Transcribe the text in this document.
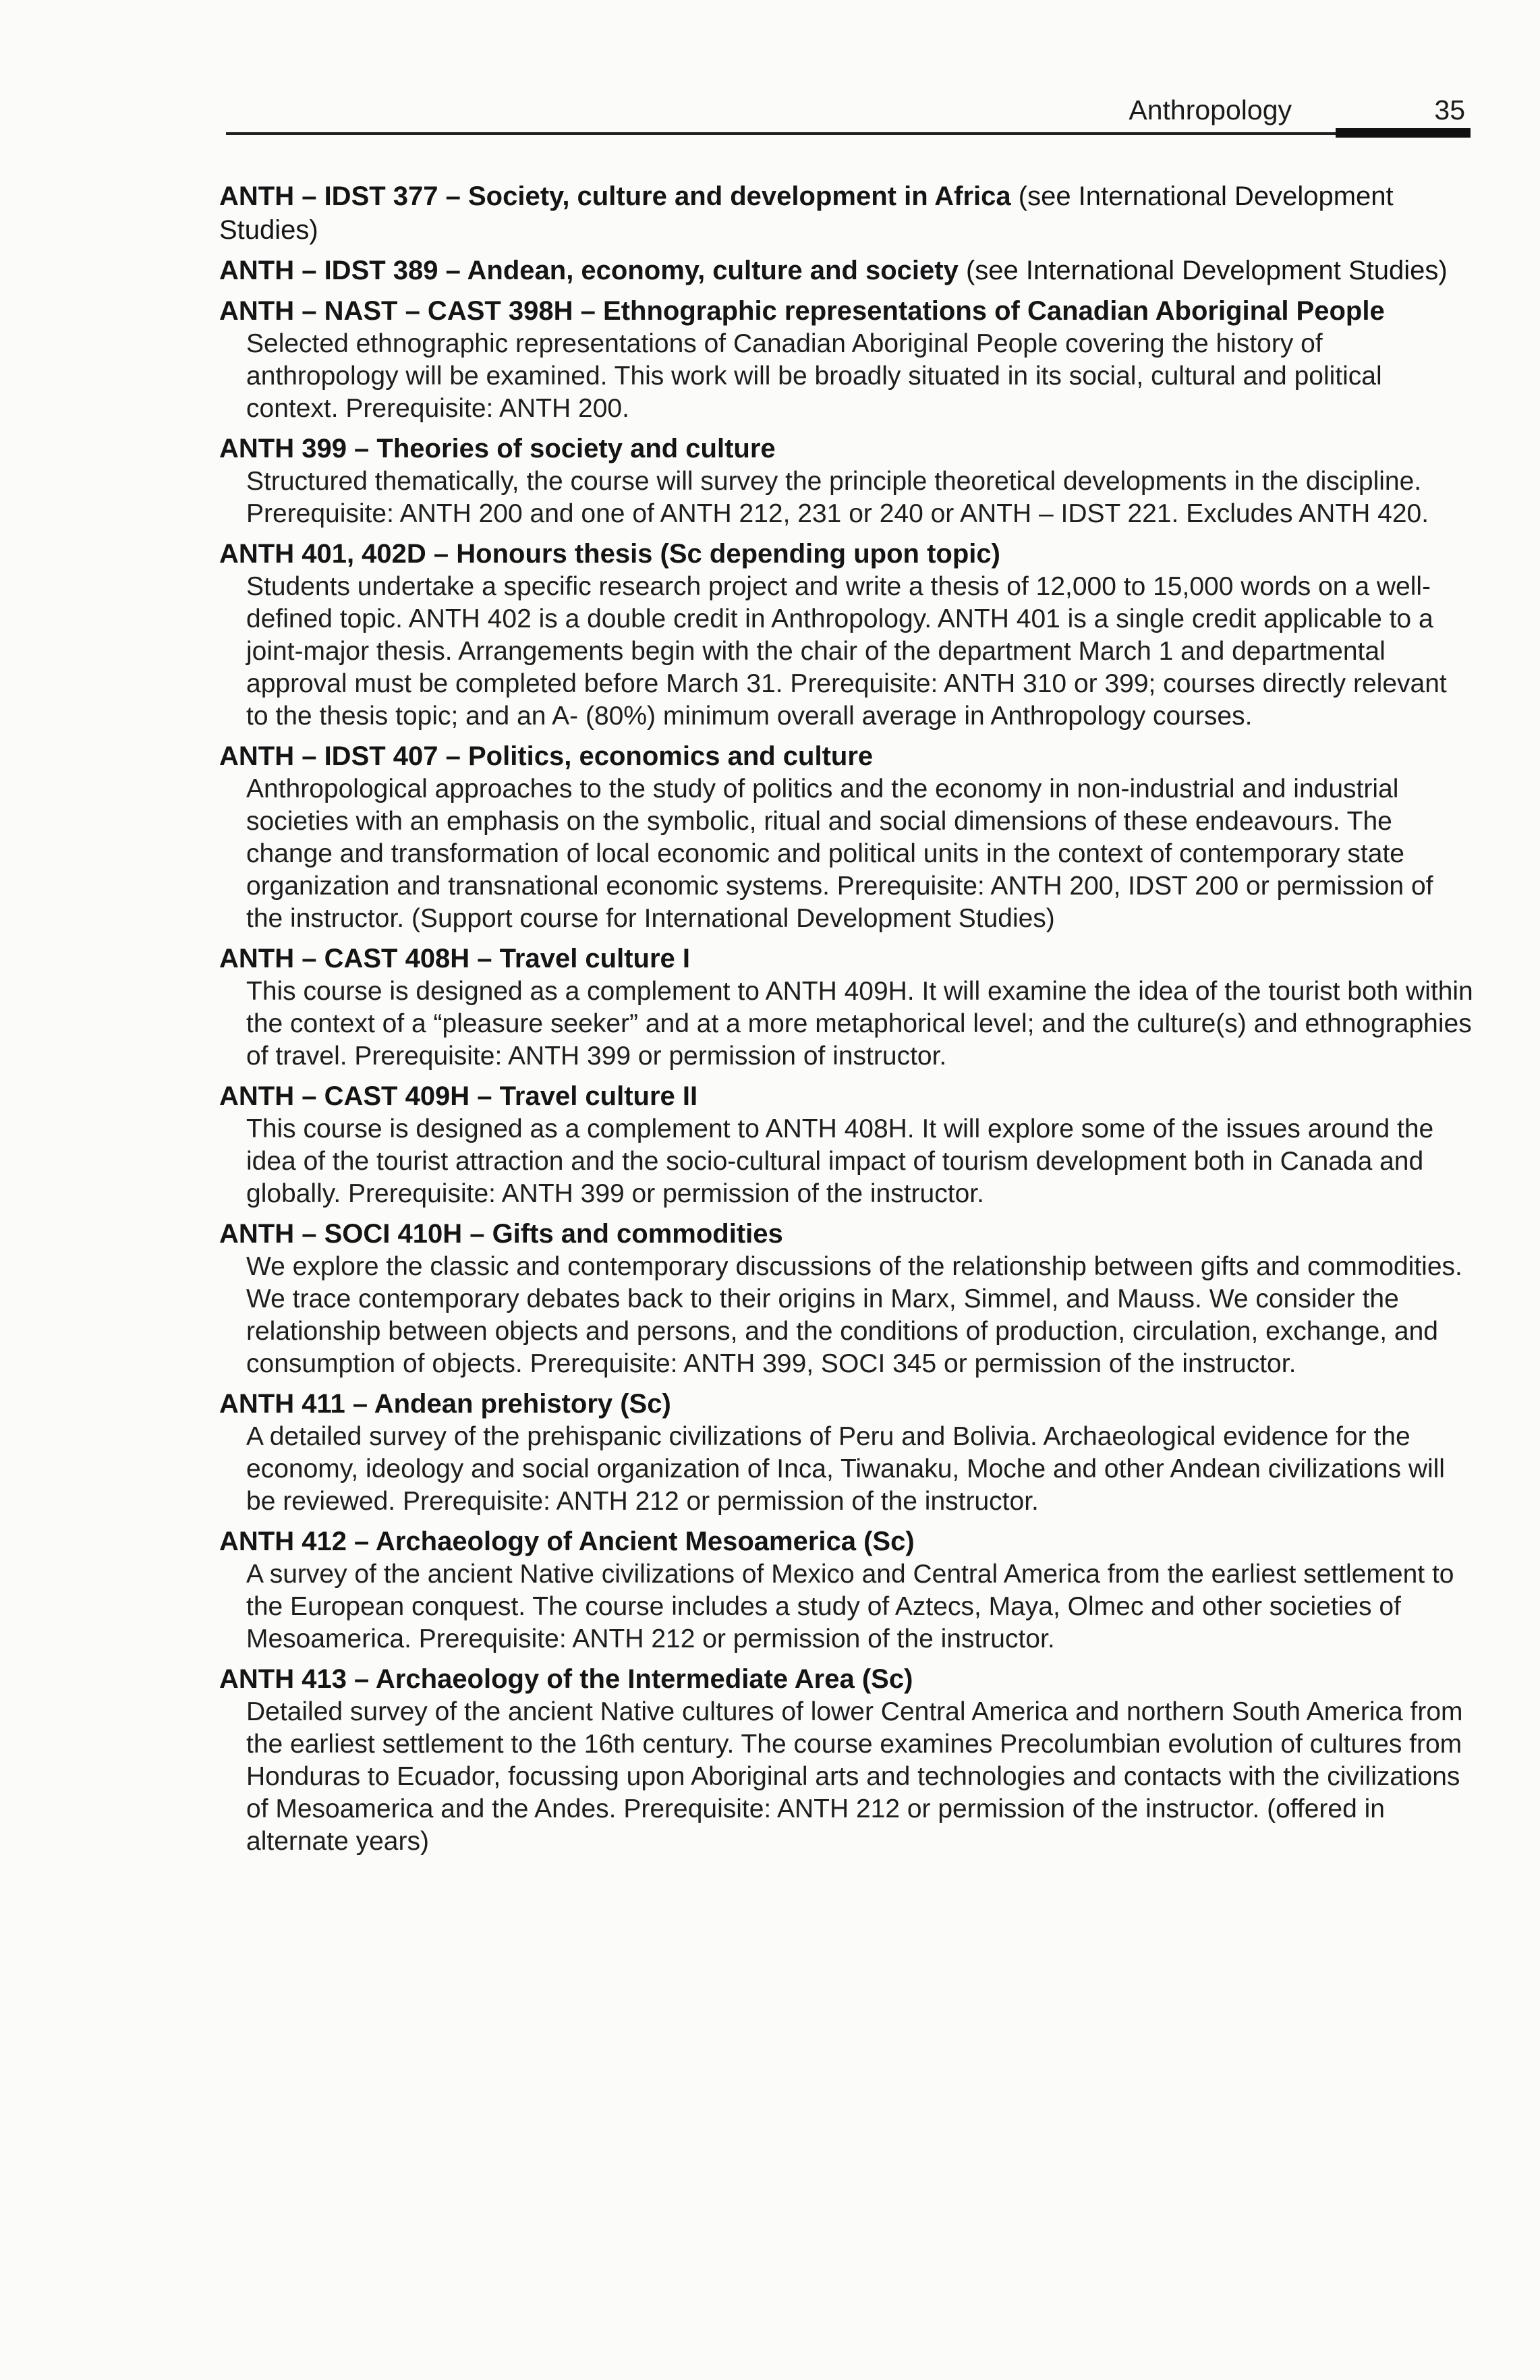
Anthropology	35
ANTH – IDST 377 – Society, culture and development in Africa (see International Development Studies)
ANTH – IDST 389 – Andean, economy, culture and society (see International Development Studies)
ANTH – NAST – CAST 398H – Ethnographic representations of Canadian Aboriginal People
Selected ethnographic representations of Canadian Aboriginal People covering the history of anthropology will be examined. This work will be broadly situated in its social, cultural and political context. Prerequisite: ANTH 200.
ANTH 399 – Theories of society and culture
Structured thematically, the course will survey the principle theoretical developments in the discipline. Prerequisite: ANTH 200 and one of ANTH 212, 231 or 240 or ANTH – IDST 221. Excludes ANTH 420.
ANTH 401, 402D – Honours thesis (Sc depending upon topic)
Students undertake a specific research project and write a thesis of 12,000 to 15,000 words on a well-defined topic. ANTH 402 is a double credit in Anthropology. ANTH 401 is a single credit applicable to a joint-major thesis. Arrangements begin with the chair of the department March 1 and departmental approval must be completed before March 31. Prerequisite: ANTH 310 or 399; courses directly relevant to the thesis topic; and an A- (80%) minimum overall average in Anthropology courses.
ANTH – IDST 407 – Politics, economics and culture
Anthropological approaches to the study of politics and the economy in non-industrial and industrial societies with an emphasis on the symbolic, ritual and social dimensions of these endeavours. The change and transformation of local economic and political units in the context of contemporary state organization and transnational economic systems. Prerequisite: ANTH 200, IDST 200 or permission of the instructor. (Support course for International Development Studies)
ANTH – CAST 408H – Travel culture I
This course is designed as a complement to ANTH 409H. It will examine the idea of the tourist both within the context of a “pleasure seeker” and at a more metaphorical level; and the culture(s) and ethnographies of travel. Prerequisite: ANTH 399 or permission of instructor.
ANTH – CAST 409H – Travel culture II
This course is designed as a complement to ANTH 408H. It will explore some of the issues around the idea of the tourist attraction and the socio-cultural impact of tourism development both in Canada and globally. Prerequisite: ANTH 399 or permission of the instructor.
ANTH – SOCI 410H – Gifts and commodities
We explore the classic and contemporary discussions of the relationship between gifts and commodities. We trace contemporary debates back to their origins in Marx, Simmel, and Mauss. We consider the relationship between objects and persons, and the conditions of production, circulation, exchange, and consumption of objects. Prerequisite: ANTH 399, SOCI 345 or permission of the instructor.
ANTH 411 – Andean prehistory (Sc)
A detailed survey of the prehispanic civilizations of Peru and Bolivia. Archaeological evidence for the economy, ideology and social organization of Inca, Tiwanaku, Moche and other Andean civilizations will be reviewed. Prerequisite: ANTH 212 or permission of the instructor.
ANTH 412 – Archaeology of Ancient Mesoamerica (Sc)
A survey of the ancient Native civilizations of Mexico and Central America from the earliest settlement to the European conquest. The course includes a study of Aztecs, Maya, Olmec and other societies of Mesoamerica. Prerequisite: ANTH 212 or permission of the instructor.
ANTH 413 – Archaeology of the Intermediate Area (Sc)
Detailed survey of the ancient Native cultures of lower Central America and northern South America from the earliest settlement to the 16th century. The course examines Precolumbian evolution of cultures from Honduras to Ecuador, focussing upon Aboriginal arts and technologies and contacts with the civilizations of Mesoamerica and the Andes. Prerequisite: ANTH 212 or permission of the instructor. (offered in alternate years)
